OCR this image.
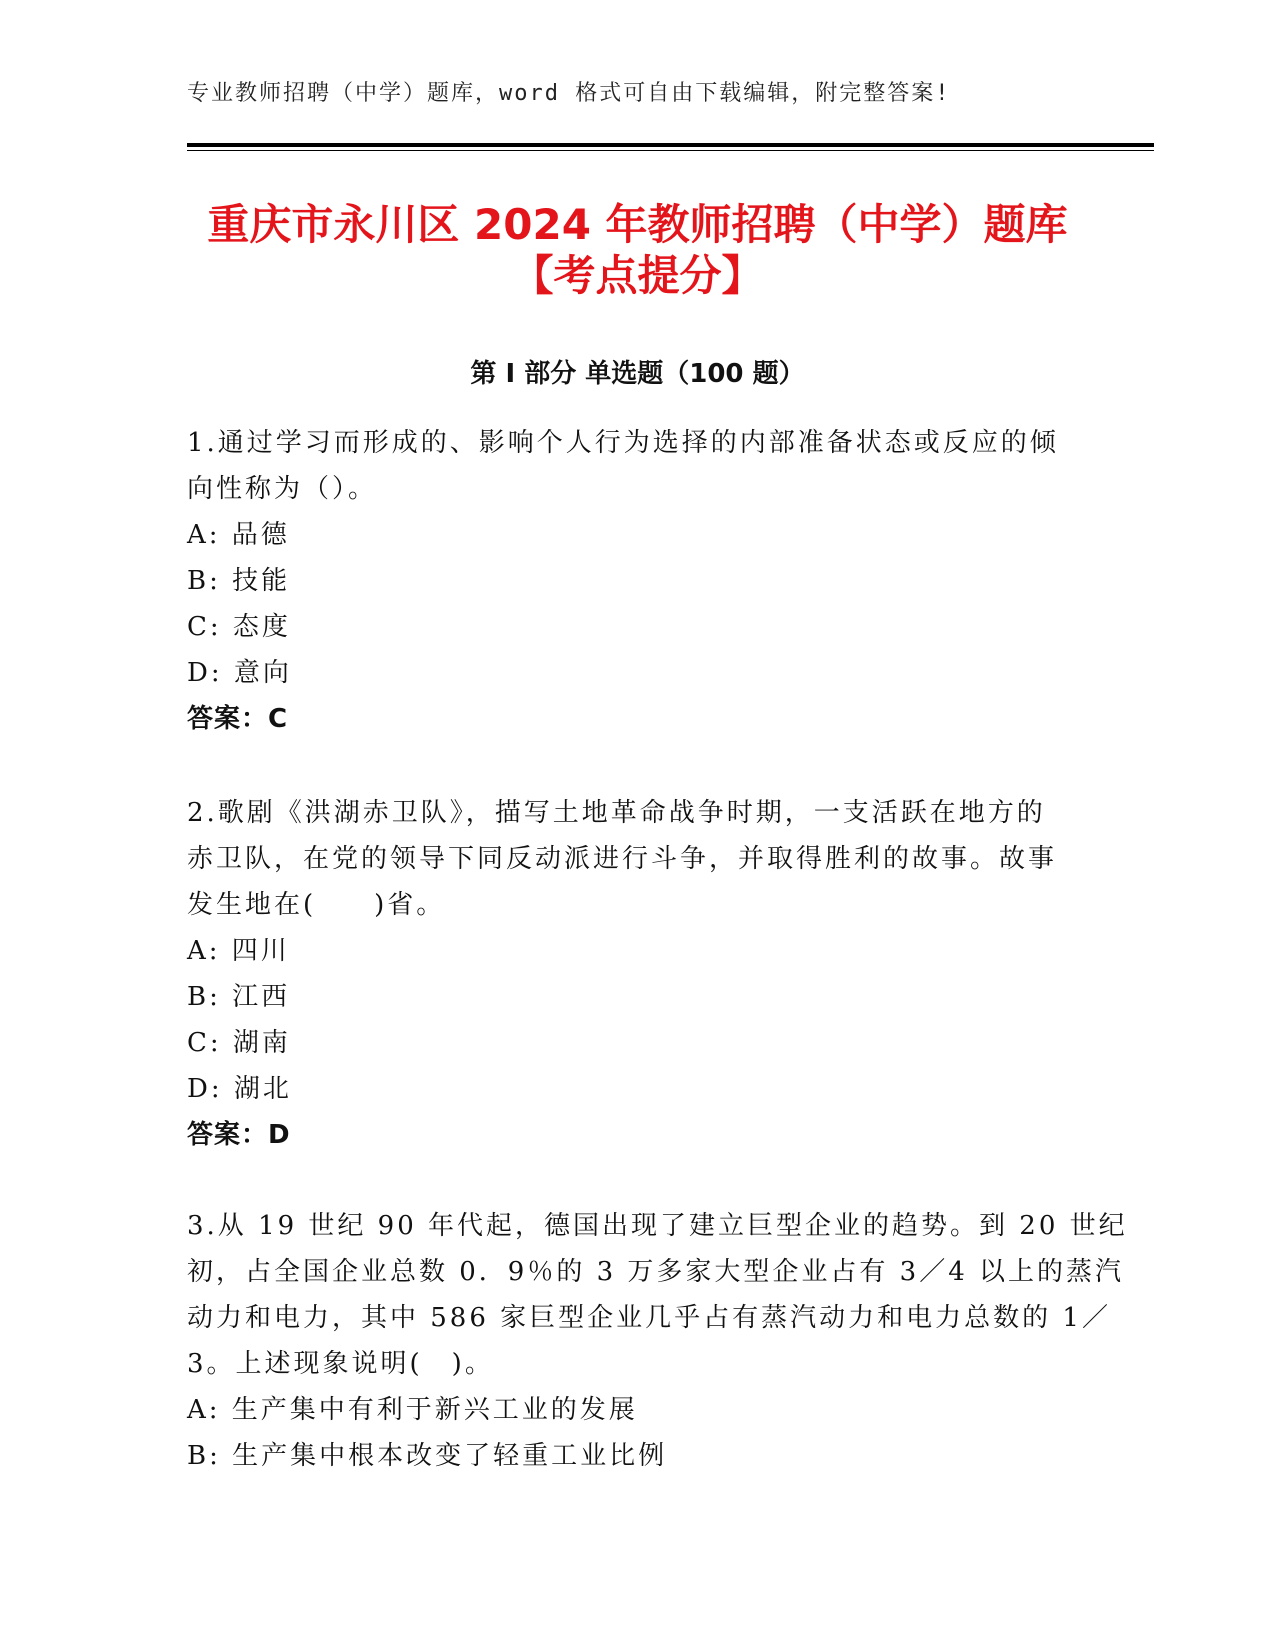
专业教师招聘（中学）题库，word 格式可自由下载编辑，附完整答案!
重庆市永川区 2024 年教师招聘（中学）题库
【考点提分】
第 I 部分 单选题（100 题）
1.通过学习而形成的、影响个人行为选择的内部准备状态或反应的倾
向性称为（）。
A: 品德
B: 技能
C: 态度
D: 意向
答案：C
2.歌剧《洪湖赤卫队》，描写土地革命战争时期，一支活跃在地方的
赤卫队，在党的领导下同反动派进行斗争，并取得胜利的故事。故事
发生地在(　　)省。
A: 四川
B: 江西
C: 湖南
D: 湖北
答案：D
3.从 19 世纪 90 年代起，德国出现了建立巨型企业的趋势。到 20 世纪
初，占全国企业总数 0．9％的 3 万多家大型企业占有 3／4 以上的蒸汽
动力和电力，其中 586 家巨型企业几乎占有蒸汽动力和电力总数的 1／
3。上述现象说明(　)。
A: 生产集中有利于新兴工业的发展
B: 生产集中根本改变了轻重工业比例
